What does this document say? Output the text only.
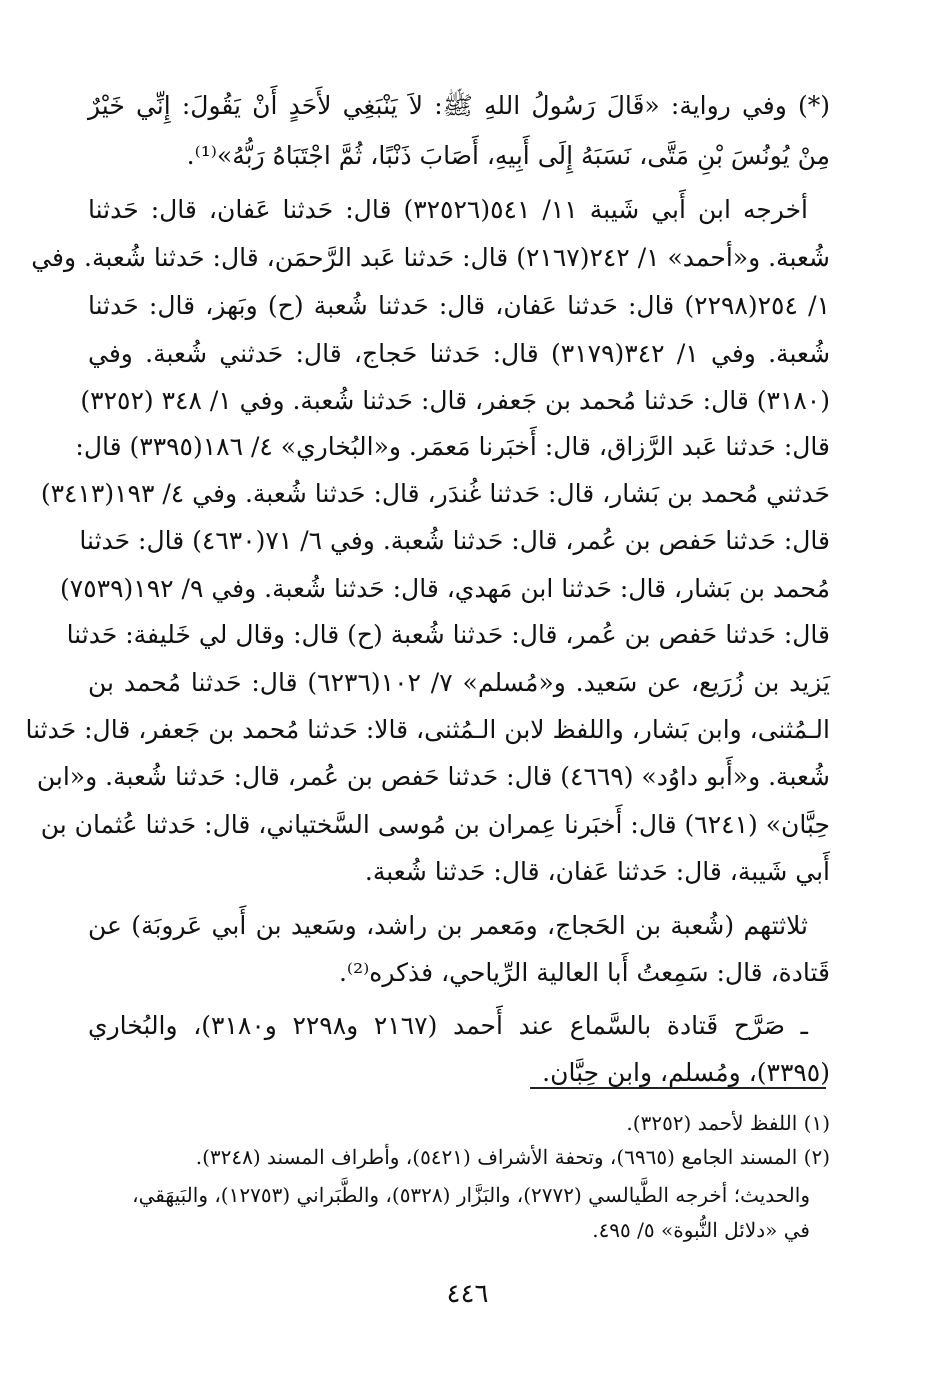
(*) وفي رواية: «قَالَ رَسُولُ اللهِ ﷺ: لاَ يَنْبَغِي لأَحَدٍ أَنْ يَقُولَ: إِنِّي خَيْرٌ
مِنْ يُونُسَ بْنِ مَتَّى، نَسَبَهُ إِلَى أَبِيهِ، أَصَابَ ذَنْبًا، ثُمَّ اجْتَبَاهُ رَبُّهُ»⁽¹⁾.
أخرجه ابن أَبي شَيبة ١١/ ٥٤١(٣٢٥٢٦) قال: حَدثنا عَفان، قال: حَدثنا
شُعبة. و«أحمد» ١/ ٢٤٢(٢١٦٧) قال: حَدثنا عَبد الرَّحمَن، قال: حَدثنا شُعبة. وفي
١/ ٢٥٤(٢٢٩٨) قال: حَدثنا عَفان، قال: حَدثنا شُعبة (ح) وبَهز، قال: حَدثنا
شُعبة. وفي ١/ ٣٤٢(٣١٧٩) قال: حَدثنا حَجاج، قال: حَدثني شُعبة. وفي
(٣١٨٠) قال: حَدثنا مُحمد بن جَعفر، قال: حَدثنا شُعبة. وفي ١/ ٣٤٨ (٣٢٥٢)
قال: حَدثنا عَبد الرَّزاق، قال: أَخبَرنا مَعمَر. و«البُخاري» ٤/ ١٨٦(٣٣٩٥) قال:
حَدثني مُحمد بن بَشار، قال: حَدثنا غُندَر، قال: حَدثنا شُعبة. وفي ٤/ ١٩٣(٣٤١٣)
قال: حَدثنا حَفص بن عُمر، قال: حَدثنا شُعبة. وفي ٦/ ٧١(٤٦٣٠) قال: حَدثنا
مُحمد بن بَشار، قال: حَدثنا ابن مَهدي، قال: حَدثنا شُعبة. وفي ٩/ ١٩٢(٧٥٣٩)
قال: حَدثنا حَفص بن عُمر، قال: حَدثنا شُعبة (ح) قال: وقال لي خَليفة: حَدثنا
يَزيد بن زُرَيع، عن سَعيد. و«مُسلم» ٧/ ١٠٢(٦٢٣٦) قال: حَدثنا مُحمد بن
الـمُثنى، وابن بَشار، واللفظ لابن الـمُثنى، قالا: حَدثنا مُحمد بن جَعفر، قال: حَدثنا
شُعبة. و«أَبو داوُد» (٤٦٦٩) قال: حَدثنا حَفص بن عُمر، قال: حَدثنا شُعبة. و«ابن
حِبَّان» (٦٢٤١) قال: أَخبَرنا عِمران بن مُوسى السَّختياني، قال: حَدثنا عُثمان بن
أَبي شَيبة، قال: حَدثنا عَفان، قال: حَدثنا شُعبة.
ثلاثتهم (شُعبة بن الحَجاج، ومَعمر بن راشد، وسَعيد بن أَبي عَروبَة) عن
قَتادة، قال: سَمِعتُ أَبا العالية الرِّياحي، فذكره⁽²⁾.
ـ صَرَّح قَتادة بالسَّماع عند أَحمد (٢١٦٧ و٢٢٩٨ و٣١٨٠)، والبُخاري
(٣٣٩٥)، ومُسلم، وابن حِبَّان.
(١) اللفظ لأحمد (٣٢٥٢).
(٢) المسند الجامع (٦٩٦٥)، وتحفة الأشراف (٥٤٢١)، وأطراف المسند (٣٢٤٨).
والحديث؛ أخرجه الطَّيالسي (٢٧٧٢)، والبَزَّار (٥٣٢٨)، والطَّبَراني (١٢٧٥٣)، والبَيهَقي،
في «دلائل النُّبوة» ٥/ ٤٩٥.
٤٤٦
